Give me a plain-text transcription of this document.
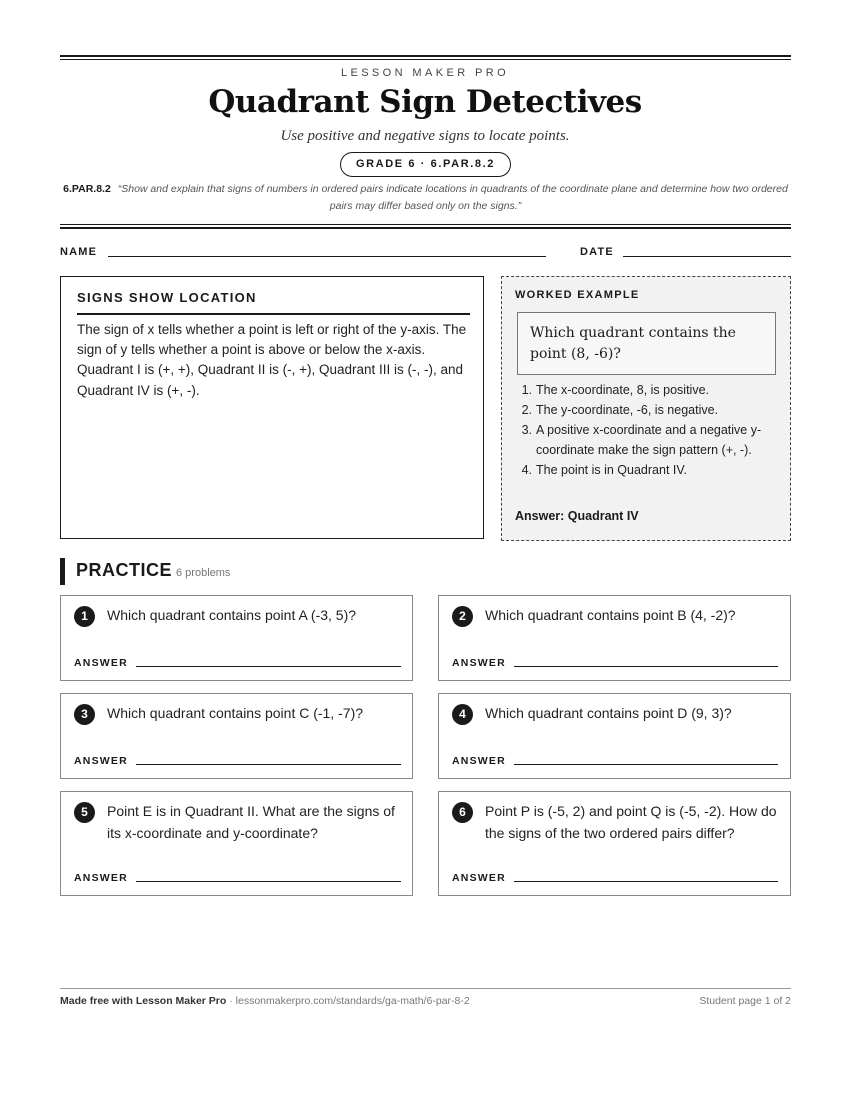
LESSON MAKER PRO
Quadrant Sign Detectives
Use positive and negative signs to locate points.
GRADE 6 · 6.PAR.8.2
6.PAR.8.2 “Show and explain that signs of numbers in ordered pairs indicate locations in quadrants of the coordinate plane and determine how two ordered pairs may differ based only on the signs.”
NAME	DATE
SIGNS SHOW LOCATION
The sign of x tells whether a point is left or right of the y-axis. The sign of y tells whether a point is above or below the x-axis. Quadrant I is (+, +), Quadrant II is (-, +), Quadrant III is (-, -), and Quadrant IV is (+, -).
WORKED EXAMPLE
Which quadrant contains the point (8, -6)?
1. The x-coordinate, 8, is positive.
2. The y-coordinate, -6, is negative.
3. A positive x-coordinate and a negative y-coordinate make the sign pattern (+, -).
4. The point is in Quadrant IV.
Answer: Quadrant IV
PRACTICE 6 problems
1	Which quadrant contains point A (-3, 5)?
ANSWER
2	Which quadrant contains point B (4, -2)?
ANSWER
3	Which quadrant contains point C (-1, -7)?
ANSWER
4	Which quadrant contains point D (9, 3)?
ANSWER
5	Point E is in Quadrant II. What are the signs of its x-coordinate and y-coordinate?
ANSWER
6	Point P is (-5, 2) and point Q is (-5, -2). How do the signs of the two ordered pairs differ?
ANSWER
Made free with Lesson Maker Pro · lessonmakerpro.com/standards/ga-math/6-par-8-2	Student page 1 of 2
